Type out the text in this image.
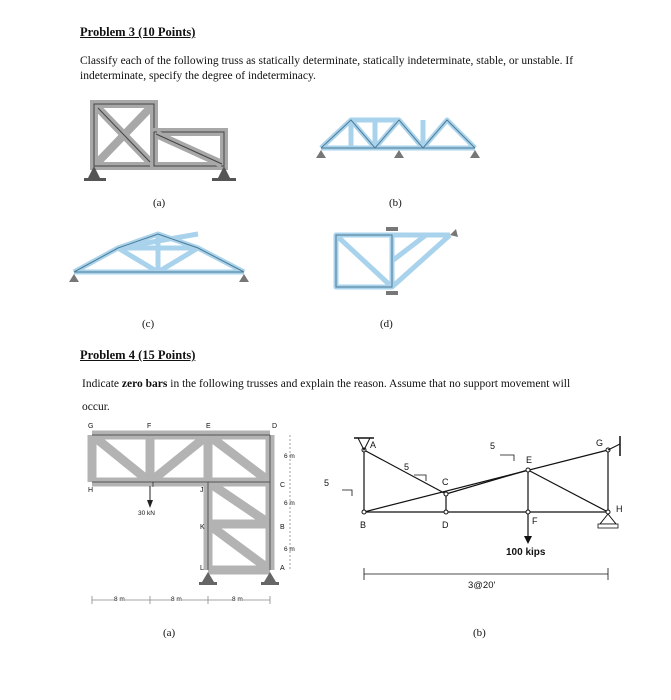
Problem 3 (10 Points)
Classify each of the following truss as statically determinate, statically indeterminate, stable, or unstable. If indeterminate, specify the degree of indeterminacy.
(a)	(b)
(c)	(d)
Problem 4 (15 Points)
Indicate zero bars in the following trusses and explain the reason. Assume that no support movement will occur.
G	F	E	D
H
I
J
C
K	B
L	A
30 kN
6 m
6 m
6 m
8 m	8 m	8 m
(a)
A
B
C
D
E
F
G
H
5
5
5
100 kips
3@20'
(b)
